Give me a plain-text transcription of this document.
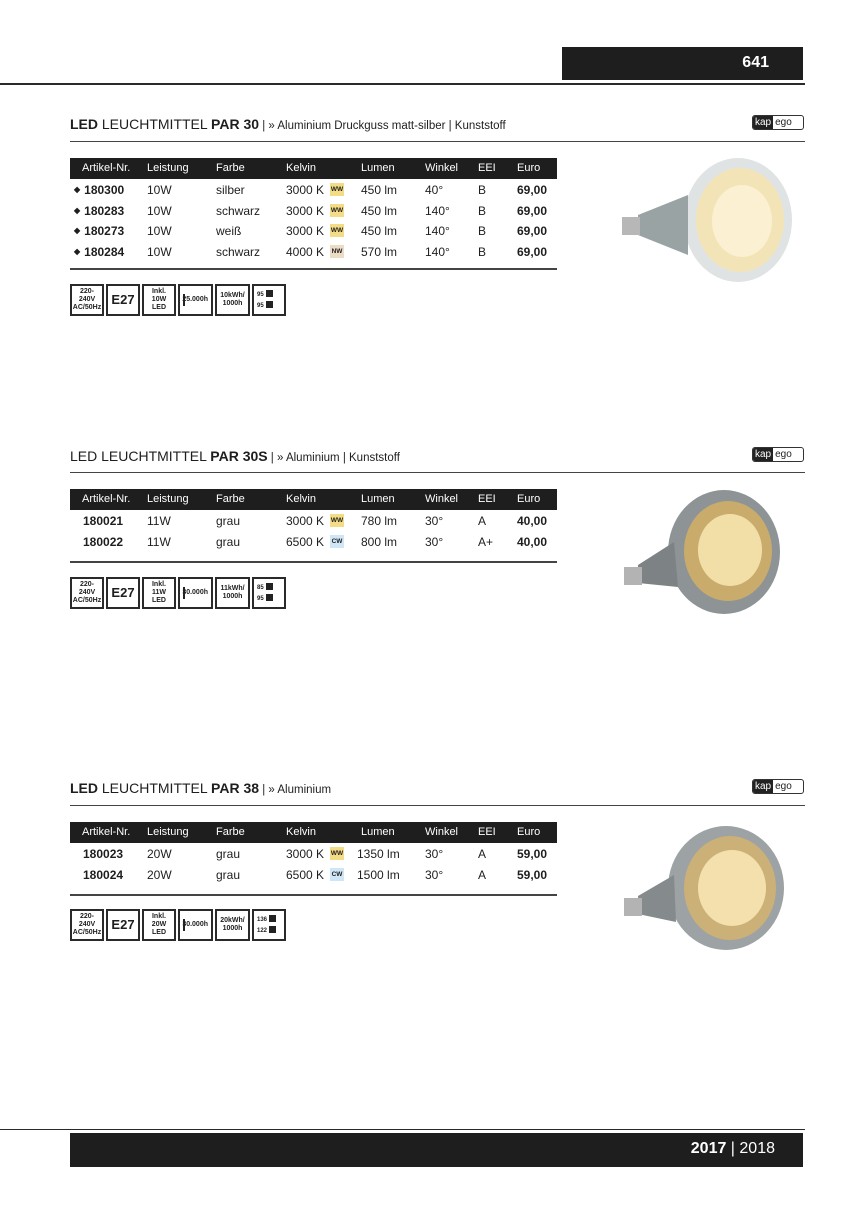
641
LED LEUCHTMITTEL PAR 30 | » Aluminium Druckguss matt-silber | Kunststoff	kap ego
Artikel-Nr. Leistung Farbe	Kelvin	Lumen	Winkel EEI Euro
◆ 180300 10W	silber	3000 K WW 450 lm 40°	B	69,00
◆ 180283 10W	schwarz 3000 K WW 450 lm 140° B	69,00
◆ 180273 10W	weiß	3000 K WW 450 lm 140° B	69,00
◆ 180284 10W	schwarz 4000 K NW 570 lm 140° B	69,00
220-240V
AC/50Hz
E27
Inkl.
10W
LED
25.000h
10kWh/
1000h
95
95
LED LEUCHTMITTEL PAR 30S | » Aluminium | Kunststoff	kap ego
Artikel-Nr. Leistung Farbe	Kelvin	Lumen	Winkel EEI Euro
180021 11W	grau	3000 K WW 780 lm 30°	A	40,00
180022 11W	grau	6500 K CW 800 lm 30°	A+ 40,00
220-240V
AC/50Hz
E27
Inkl.
11W
LED
30.000h
11kWh/
1000h
85
95
LED LEUCHTMITTEL PAR 38 | » Aluminium	kap ego
Artikel-Nr. Leistung Farbe	Kelvin	Lumen	Winkel EEI Euro
180023 20W	grau	3000 K WW 1350 lm 30°	A	59,00
180024 20W	grau	6500 K CW 1500 lm 30°	A	59,00
220-240V
AC/50Hz
E27
Inkl.
20W
LED
30.000h
20kWh/
1000h
136
122
2017 | 2018
